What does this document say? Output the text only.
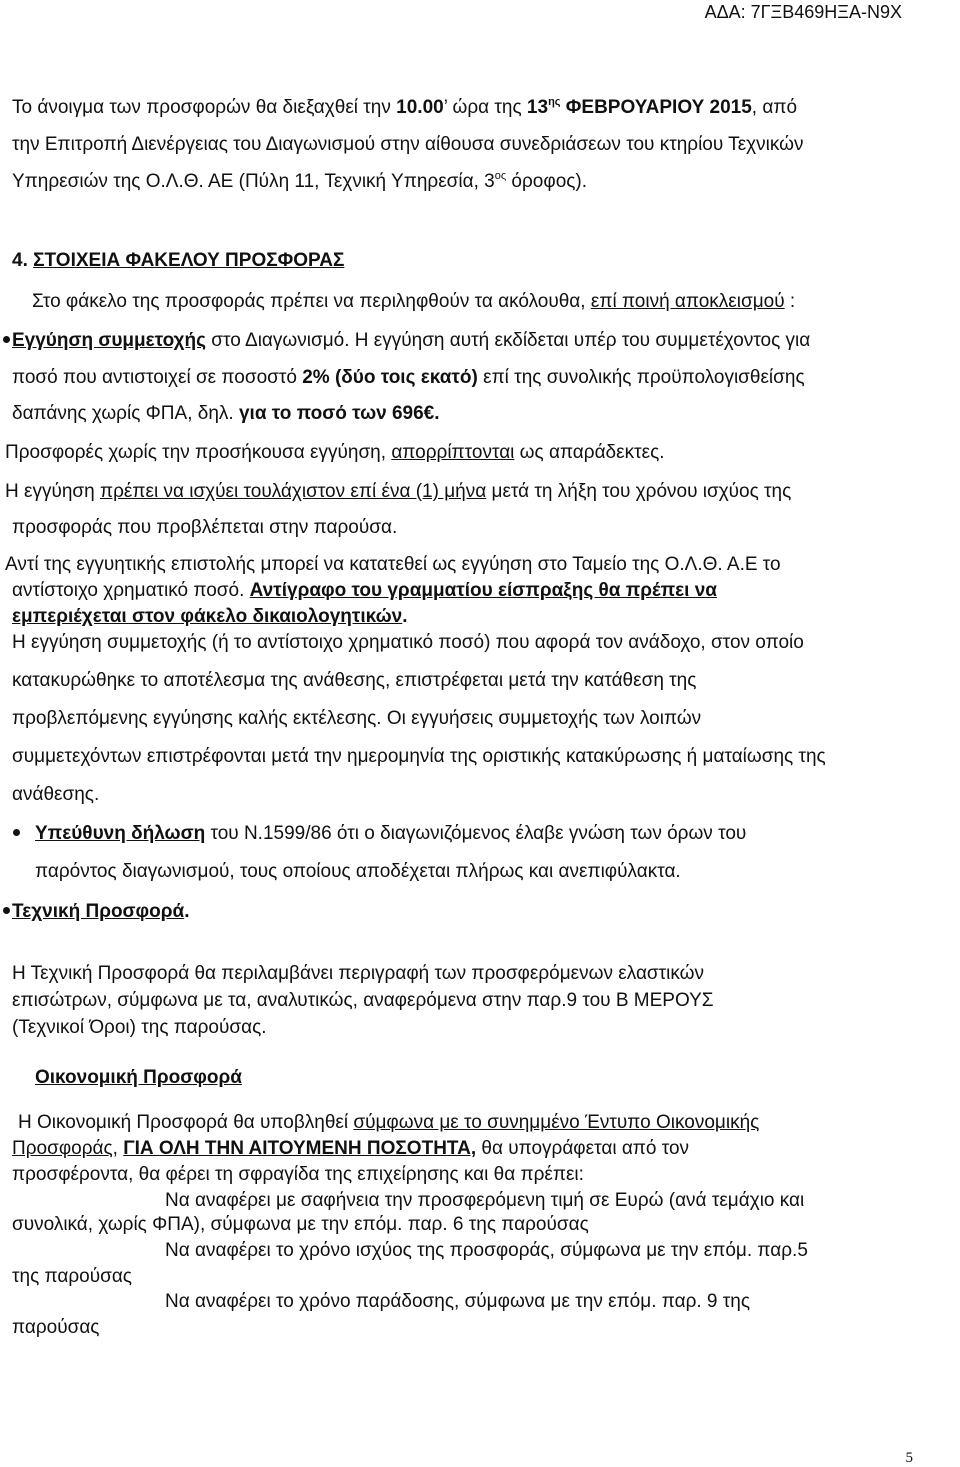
ΑΔΑ: 7ΓΞΒ469ΗΞΑ-Ν9Χ
Το άνοιγμα των προσφορών θα διεξαχθεί την 10.00’ ώρα της $13^{\eta\varsigma}$ ΦΕΒΡΟΥΑΡΙΟΥ 2015, από
την Επιτροπή Διενέργειας του Διαγωνισμού στην αίθουσα συνεδριάσεων του κτηρίου Τεχνικών
Υπηρεσιών της Ο.Λ.Θ. ΑΕ (Πύλη 11, Τεχνική Υπηρεσία, $3^{o\varsigma}$ όροφος).
4. ΣΤΟΙΧΕΙΑ ΦΑΚΕΛΟΥ ΠΡΟΣΦΟΡΑΣ
Στο φάκελο της προσφοράς πρέπει να περιληφθούν τα ακόλουθα, επί ποινή αποκλεισμού :
Εγγύηση συμμετοχής στο Διαγωνισμό. Η εγγύηση αυτή εκδίδεται υπέρ του συμμετέχοντος για
ποσό που αντιστοιχεί σε ποσοστό 2% (δύο τοις εκατό) επί της συνολικής προϋπολογισθείσης
δαπάνης χωρίς ΦΠΑ, δηλ. για το ποσό των 696€.
Προσφορές χωρίς την προσήκουσα εγγύηση, απορρίπτονται ως απαράδεκτες.
Η εγγύηση πρέπει να ισχύει τουλάχιστον επί ένα (1) μήνα μετά τη λήξη του χρόνου ισχύος της
προσφοράς που προβλέπεται στην παρούσα.
Αντί της εγγυητικής επιστολής μπορεί να κατατεθεί ως εγγύηση στο Ταμείο της Ο.Λ.Θ. Α.Ε το
αντίστοιχο χρηματικό ποσό. Αντίγραφο του γραμματίου είσπραξης θα πρέπει να
εμπεριέχεται στον φάκελο δικαιολογητικών.
Η εγγύηση συμμετοχής (ή το αντίστοιχο χρηματικό ποσό) που αφορά τον ανάδοχο, στον οποίο
κατακυρώθηκε το αποτέλεσμα της ανάθεσης, επιστρέφεται μετά την κατάθεση της
προβλεπόμενης εγγύησης καλής εκτέλεσης. Οι εγγυήσεις συμμετοχής των λοιπών
συμμετεχόντων επιστρέφονται μετά την ημερομηνία της οριστικής κατακύρωσης ή ματαίωσης της
ανάθεσης.
Υπεύθυνη δήλωση του Ν.1599/86 ότι ο διαγωνιζόμενος έλαβε γνώση των όρων του
παρόντος διαγωνισμού, τους οποίους αποδέχεται πλήρως και ανεπιφύλακτα.
Τεχνική Προσφορά.
Η Τεχνική Προσφορά θα περιλαμβάνει περιγραφή των προσφερόμενων ελαστικών
επισώτρων, σύμφωνα με τα, αναλυτικώς, αναφερόμενα στην παρ.9 του Β ΜΕΡΟΥΣ
(Τεχνικοί Όροι) της παρούσας.
Οικονομική Προσφορά
Η Οικονομική Προσφορά θα υποβληθεί σύμφωνα με το συνημμένο Έντυπο Οικονομικής
Προσφοράς, ΓΙΑ ΟΛΗ ΤΗΝ ΑΙΤΟΥΜΕΝΗ ΠΟΣΟΤΗΤΑ, θα υπογράφεται από τον
προσφέροντα, θα φέρει τη σφραγίδα της επιχείρησης και θα πρέπει:
Να αναφέρει με σαφήνεια την προσφερόμενη τιμή σε Ευρώ (ανά τεμάχιο και
συνολικά, χωρίς ΦΠΑ), σύμφωνα με την επόμ. παρ. 6 της παρούσας
Να αναφέρει το χρόνο ισχύος της προσφοράς, σύμφωνα με την επόμ. παρ.5
της παρούσας
Να αναφέρει το χρόνο παράδοσης, σύμφωνα με την επόμ. παρ. 9 της
παρούσας
5
